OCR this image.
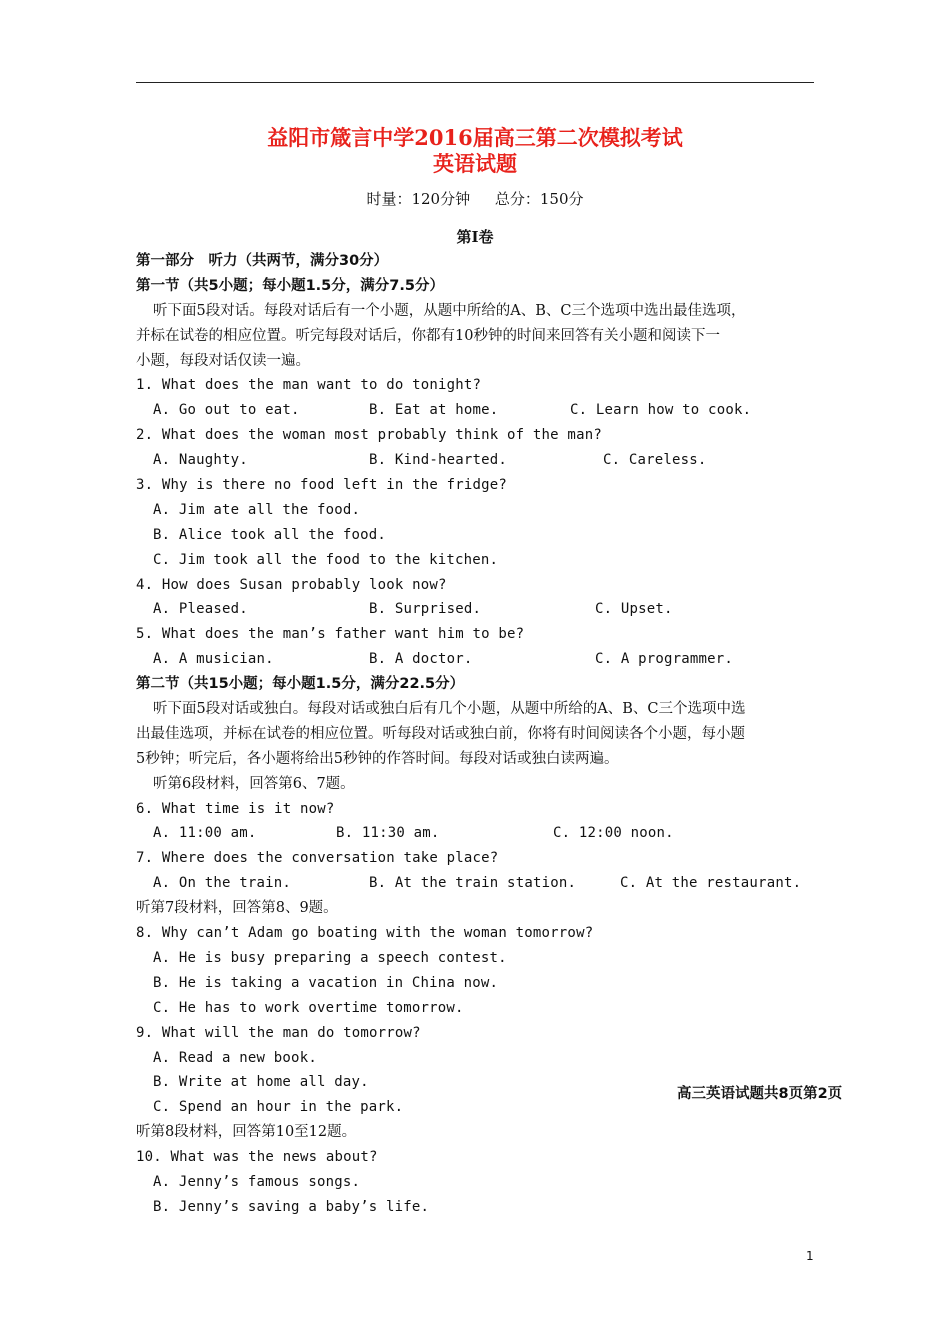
益阳市箴言中学2016届高三第二次模拟考试
英语试题
时量：120分钟 总分：150分
第I卷
第一部分　听力（共两节，满分30分）
第一节（共5小题；每小题1.5分，满分7.5分）
听下面5段对话。每段对话后有一个小题，从题中所给的A、B、C三个选项中选出最佳选项，
并标在试卷的相应位置。听完每段对话后，你都有10秒钟的时间来回答有关小题和阅读下一
小题，每段对话仅读一遍。
1. What does the man want to do tonight?
A. Go out to eat.	B. Eat at home.	C. Learn how to cook.
2. What does the woman most probably think of the man?
A. Naughty.	B. Kind-hearted.	C. Careless.
3. Why is there no food left in the fridge?
A. Jim ate all the food.
B. Alice took all the food.
C. Jim took all the food to the kitchen.
4. How does Susan probably look now?
A. Pleased.	B. Surprised.	C. Upset.
5. What does the man’s father want him to be?
A. A musician.	B. A doctor.	C. A programmer.
第二节（共15小题；每小题1.5分，满分22.5分）
听下面5段对话或独白。每段对话或独白后有几个小题，从题中所给的A、B、C三个选项中选
出最佳选项，并标在试卷的相应位置。听每段对话或独白前，你将有时间阅读各个小题，每小题
5秒钟；听完后，各小题将给出5秒钟的作答时间。每段对话或独白读两遍。
听第6段材料，回答第6、7题。
6. What time is it now?
A. 11:00 am.	B. 11:30 am.	C. 12:00 noon.
7. Where does the conversation take place?
A. On the train.	B. At the train station.	C. At the restaurant.
听第7段材料，回答第8、9题。
8. Why can’t Adam go boating with the woman tomorrow?
A. He is busy preparing a speech contest.
B. He is taking a vacation in China now.
C. He has to work overtime tomorrow.
9. What will the man do tomorrow?
A. Read a new book.
B. Write at home all day.
C. Spend an hour in the park.
听第8段材料，回答第10至12题。
10. What was the news about?
A. Jenny’s famous songs.
B. Jenny’s saving a baby’s life.
高三英语试题共8页第2页
1
